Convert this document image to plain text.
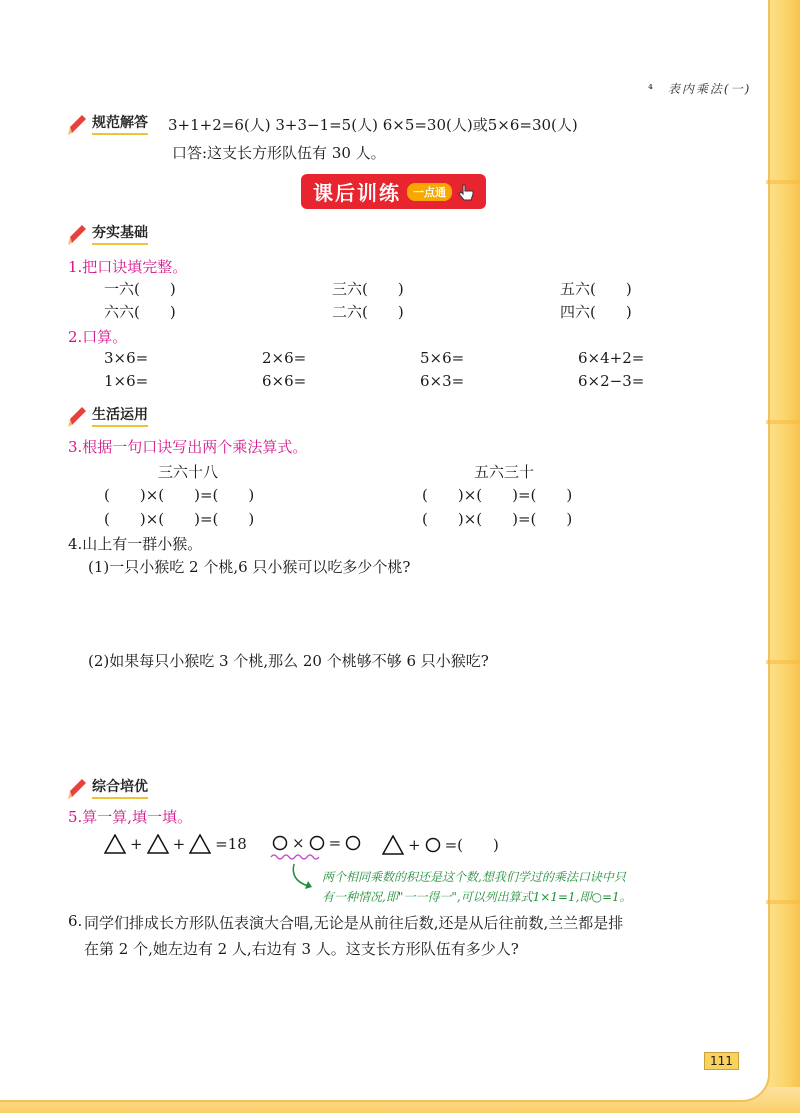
⁴ 表内乘法(一)
规范解答 3+1+2=6(人) 3+3−1=5(人) 6×5=30(人)或5×6=30(人)
口答:这支长方形队伍有 30 人。
课后训练	一点通
夯实基础
1.把口诀填完整。
一六(　　)	三六(　　)	五六(　　)
六六(　　)	二六(　　)	四六(　　)
2.口算。
3×6=	2×6=	5×6=	6×4+2=
1×6=	6×6=	6×3=	6×2−3=
生活运用
3.根据一句口诀写出两个乘法算式。
三六十八	五六三十
(　　)×(　　)=(　　)	(　　)×(　　)=(　　)
(　　)×(　　)=(　　)	(　　)×(　　)=(　　)
4.山上有一群小猴。
(1)一只小猴吃 2 个桃,6 只小猴可以吃多少个桃?
(2)如果每只小猴吃 3 个桃,那么 20 个桃够不够 6 只小猴吃?
综合培优
5.算一算,填一填。
+ + =18	× =	+ =(　　)
两个相同乘数的积还是这个数,想我们学过的乘法口诀中只
有一种情况,即"一一得一",可以列出算式1×1=1,即○=1。
6. 同学们排成长方形队伍表演大合唱,无论是从前往后数,还是从后往前数,兰兰都是排
在第 2 个,她左边有 2 人,右边有 3 人。这支长方形队伍有多少人?
111
